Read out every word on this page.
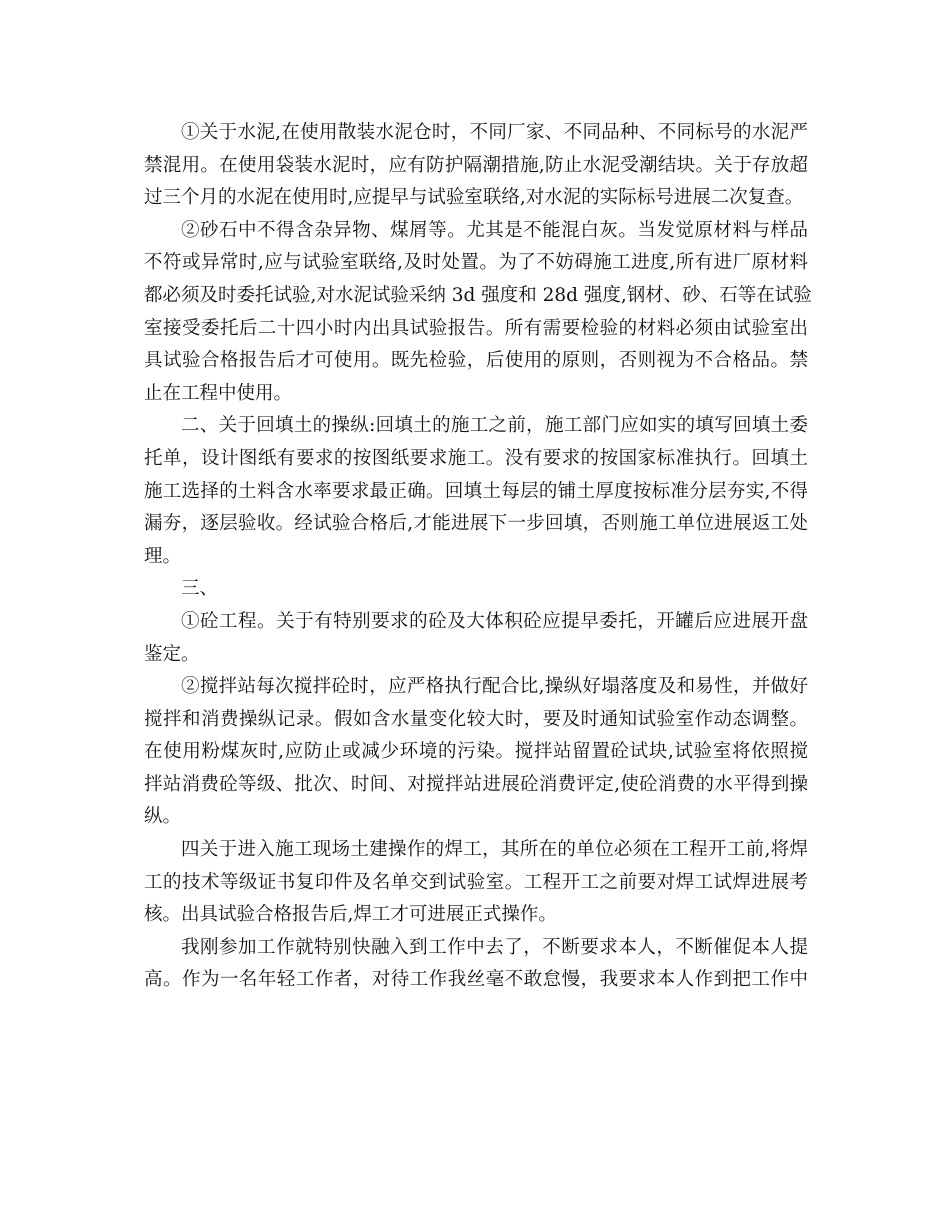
①关于水泥,在使用散装水泥仓时，不同厂家、不同品种、不同标号的水泥严
禁混用。在使用袋装水泥时，应有防护隔潮措施,防止水泥受潮结块。关于存放超
过三个月的水泥在使用时,应提早与试验室联络,对水泥的实际标号进展二次复查。
②砂石中不得含杂异物、煤屑等。尤其是不能混白灰。当发觉原材料与样品
不符或异常时,应与试验室联络,及时处置。为了不妨碍施工进度,所有进厂原材料
都必须及时委托试验,对水泥试验采纳 3d 强度和 28d 强度,钢材、砂、石等在试验
室接受委托后二十四小时内出具试验报告。所有需要检验的材料必须由试验室出
具试验合格报告后才可使用。既先检验，后使用的原则，否则视为不合格品。禁
止在工程中使用。
二、关于回填土的操纵:回填土的施工之前，施工部门应如实的填写回填土委
托单，设计图纸有要求的按图纸要求施工。没有要求的按国家标准执行。回填土
施工选择的土料含水率要求最正确。回填土每层的铺土厚度按标准分层夯实,不得
漏夯，逐层验收。经试验合格后,才能进展下一步回填，否则施工单位进展返工处
理。
三、
①砼工程。关于有特别要求的砼及大体积砼应提早委托，开罐后应进展开盘
鉴定。
②搅拌站每次搅拌砼时，应严格执行配合比,操纵好塌落度及和易性，并做好
搅拌和消费操纵记录。假如含水量变化较大时，要及时通知试验室作动态调整。
在使用粉煤灰时,应防止或减少环境的污染。搅拌站留置砼试块,试验室将依照搅
拌站消费砼等级、批次、时间、对搅拌站进展砼消费评定,使砼消费的水平得到操
纵。
四关于进入施工现场土建操作的焊工，其所在的单位必须在工程开工前,将焊
工的技术等级证书复印件及名单交到试验室。工程开工之前要对焊工试焊进展考
核。出具试验合格报告后,焊工才可进展正式操作。
我刚参加工作就特别快融入到工作中去了，不断要求本人，不断催促本人提
高。作为一名年轻工作者，对待工作我丝毫不敢怠慢，我要求本人作到把工作中
